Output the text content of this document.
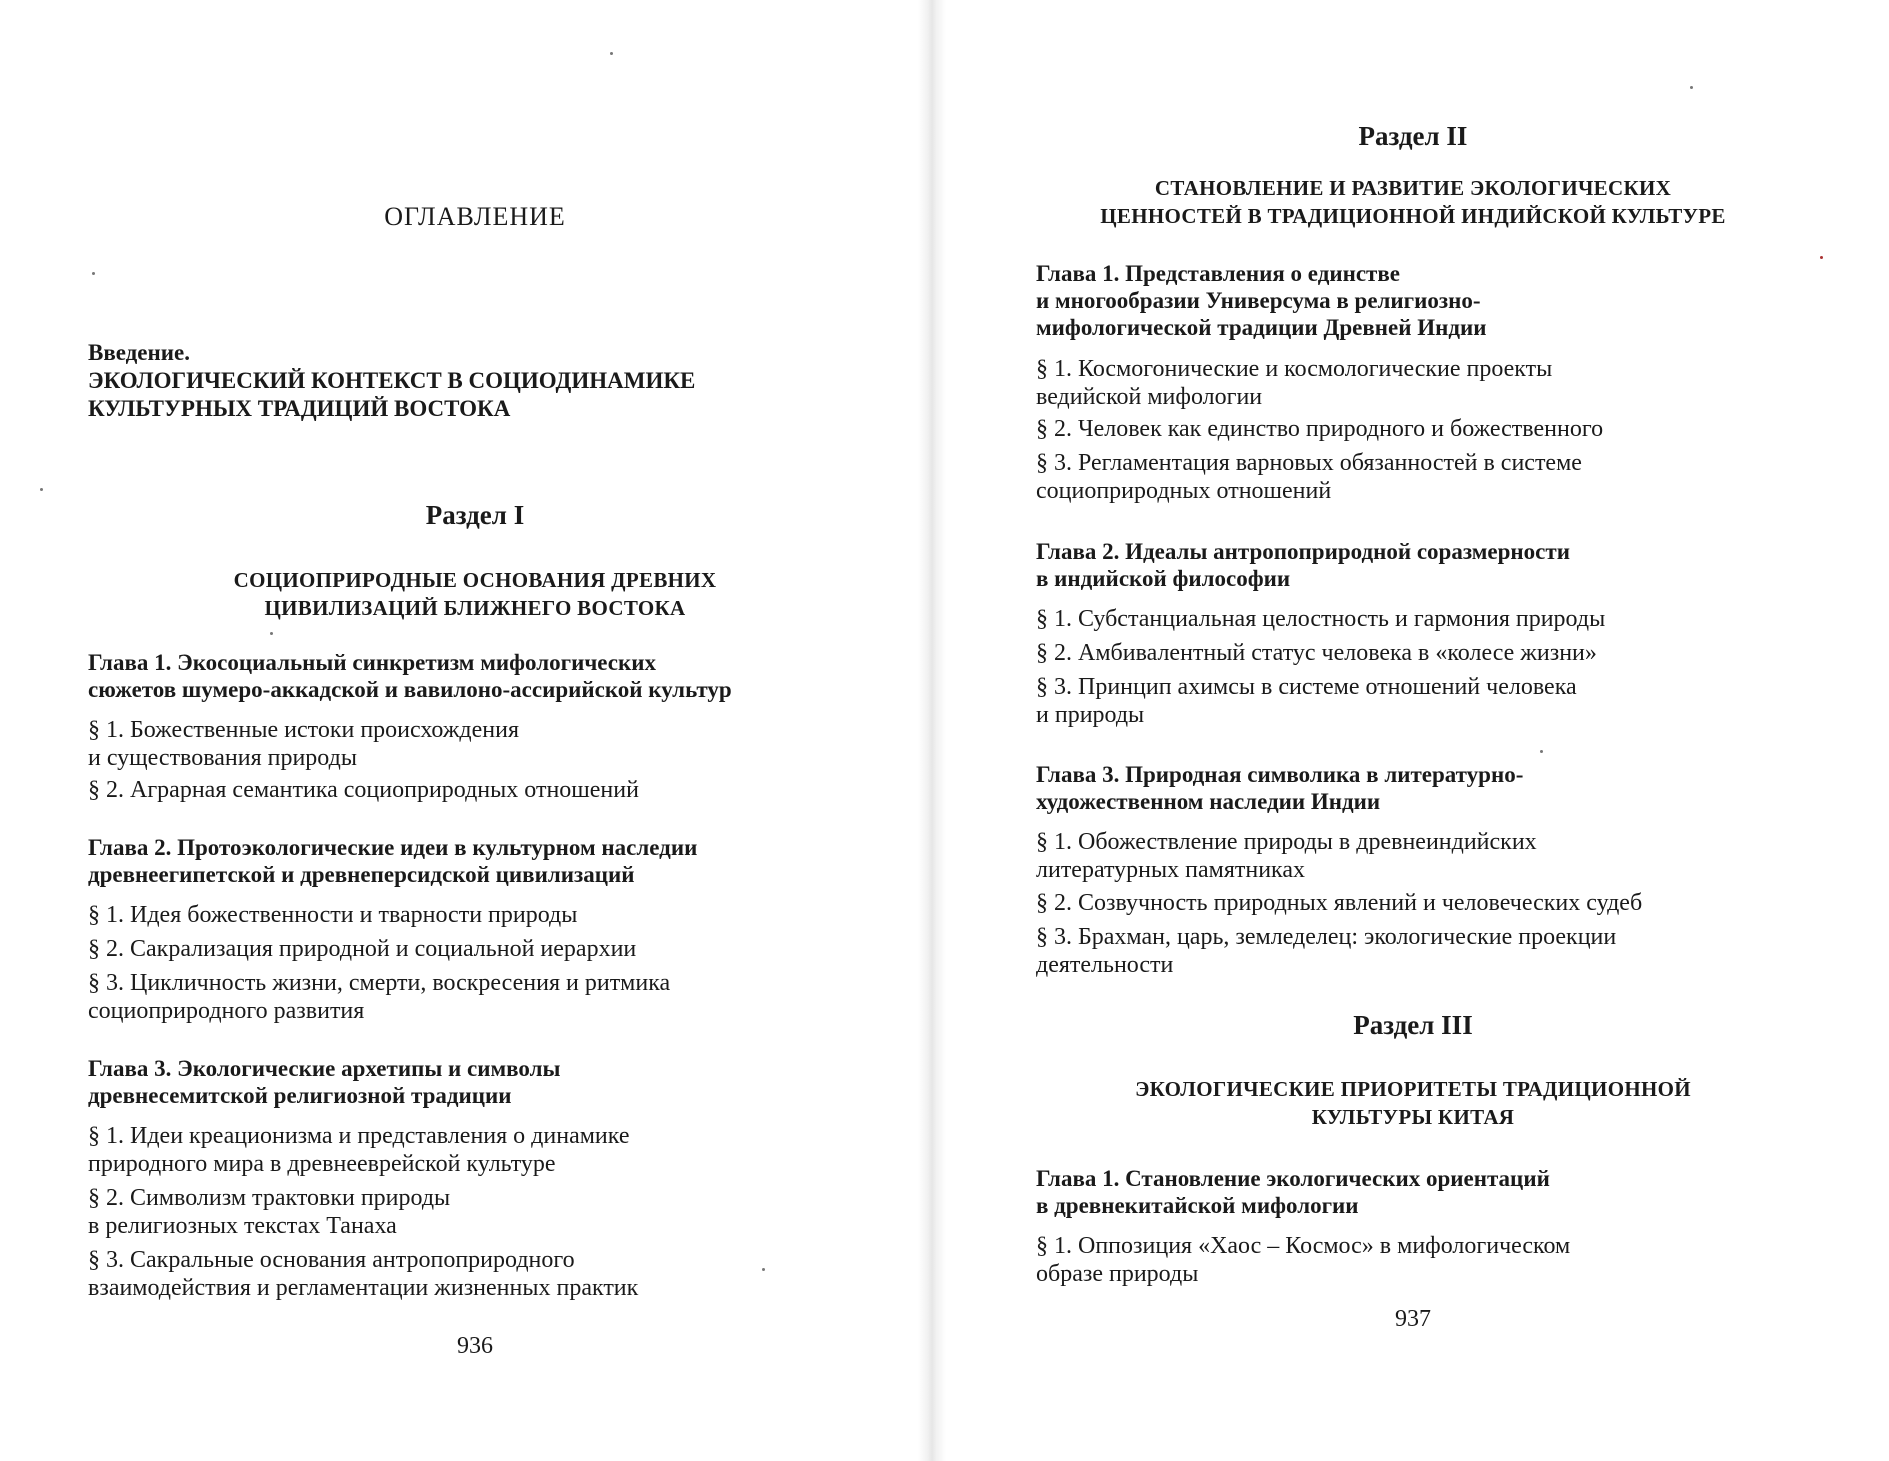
ОГЛАВЛЕНИЕ
Введение.
ЭКОЛОГИЧЕСКИЙ КОНТЕКСТ В СОЦИОДИНАМИКЕ
КУЛЬТУРНЫХ ТРАДИЦИЙ ВОСТОКА
Раздел I
СОЦИОПРИРОДНЫЕ ОСНОВАНИЯ ДРЕВНИХ
ЦИВИЛИЗАЦИЙ БЛИЖНЕГО ВОСТОКА
Глава 1. Экосоциальный синкретизм мифологических
сюжетов шумеро-аккадской и вавилоно-ассирийской культур
§ 1. Божественные истоки происхождения
и существования природы
§ 2. Аграрная семантика социоприродных отношений
Глава 2. Протоэкологические идеи в культурном наследии
древнеегипетской и древнеперсидской цивилизаций
§ 1. Идея божественности и тварности природы
§ 2. Сакрализация природной и социальной иерархии
§ 3. Цикличность жизни, смерти, воскресения и ритмика
социоприродного развития
Глава 3. Экологические архетипы и символы
древнесемитской религиозной традиции
§ 1. Идеи креационизма и представления о динамике
природного мира в древнееврейской культуре
§ 2. Символизм трактовки природы
в религиозных текстах Танаха
§ 3. Сакральные основания антропоприродного
взаимодействия и регламентации жизненных практик
936
Раздел II
СТАНОВЛЕНИЕ И РАЗВИТИЕ ЭКОЛОГИЧЕСКИХ
ЦЕННОСТЕЙ В ТРАДИЦИОННОЙ ИНДИЙСКОЙ КУЛЬТУРЕ
Глава 1. Представления о единстве
и многообразии Универсума в религиозно-
мифологической традиции Древней Индии
§ 1. Космогонические и космологические проекты
ведийской мифологии
§ 2. Человек как единство природного и божественного
§ 3. Регламентация варновых обязанностей в системе
социоприродных отношений
Глава 2. Идеалы антропоприродной соразмерности
в индийской философии
§ 1. Субстанциальная целостность и гармония природы
§ 2. Амбивалентный статус человека в «колесе жизни»
§ 3. Принцип ахимсы в системе отношений человека
и природы
Глава 3. Природная символика в литературно-
художественном наследии Индии
§ 1. Обожествление природы в древнеиндийских
литературных памятниках
§ 2. Созвучность природных явлений и человеческих судеб
§ 3. Брахман, царь, земледелец: экологические проекции
деятельности
Раздел III
ЭКОЛОГИЧЕСКИЕ ПРИОРИТЕТЫ ТРАДИЦИОННОЙ
КУЛЬТУРЫ КИТАЯ
Глава 1. Становление экологических ориентаций
в древнекитайской мифологии
§ 1. Оппозиция «Хаос – Космос» в мифологическом
образе природы
937
